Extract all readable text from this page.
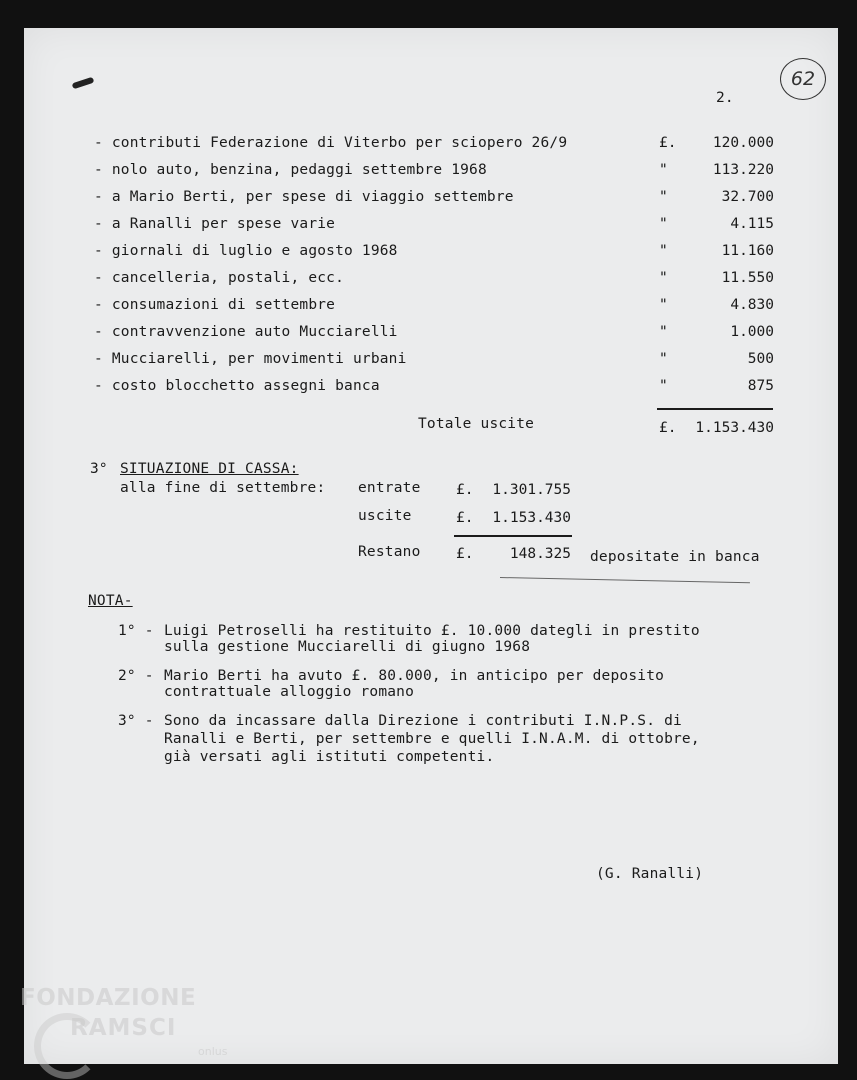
62
2.
- contributi Federazione di Viterbo per sciopero 26/9	£.	120.000
- nolo auto, benzina, pedaggi settembre 1968	"	113.220
- a Mario Berti, per spese di viaggio settembre	"	32.700
- a Ranalli per spese varie	"	4.115
- giornali di luglio e agosto 1968	"	11.160
- cancelleria, postali, ecc.	"	11.550
- consumazioni di settembre	"	4.830
- contravvenzione auto Mucciarelli	"	1.000
- Mucciarelli, per movimenti urbani	"	500
- costo blocchetto assegni banca	"	875
Totale uscite	£.	1.153.430
3° SITUAZIONE DI CASSA:
alla fine di settembre: entrate £.	1.301.755
uscite	£.	1.153.430
Restano £.	148.325 depositate in banca
NOTA-
1° - Luigi Petroselli ha restituito £. 10.000 dategli in prestito
sulla gestione Mucciarelli di giugno 1968
2° - Mario Berti ha avuto £. 80.000, in anticipo per deposito
contrattuale alloggio romano
3° - Sono da incassare dalla Direzione i contributi I.N.P.S. di
Ranalli e Berti, per settembre e quelli I.N.A.M. di ottobre,
già versati agli istituti competenti.
(G. Ranalli)
FONDAZIONE
RAMSCI
onlus
